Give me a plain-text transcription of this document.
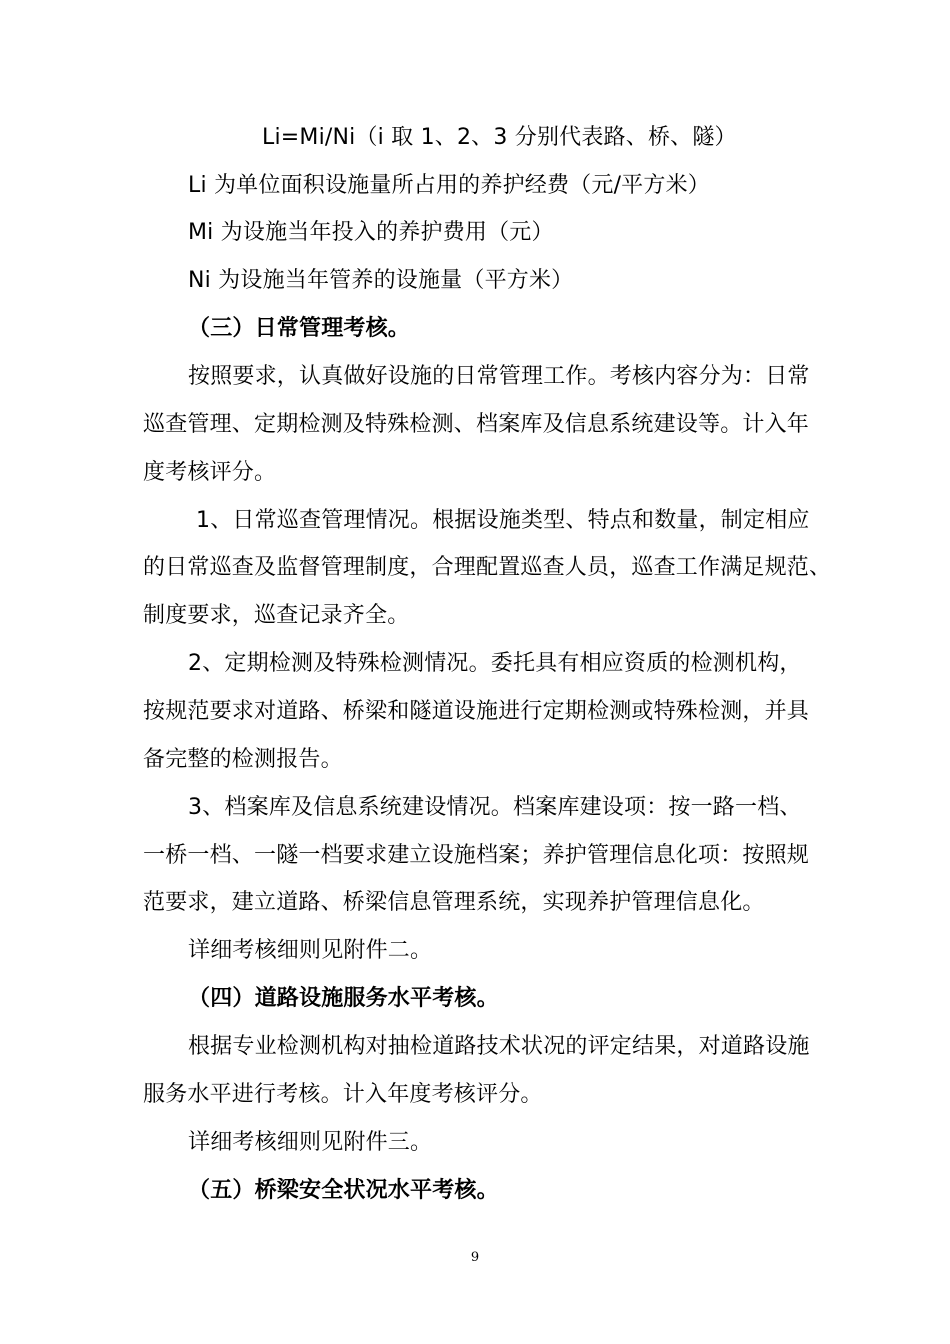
Li=Mi/Ni（i 取 1、2、3 分别代表路、桥、隧）
Li 为单位面积设施量所占用的养护经费（元/平方米）
Mi 为设施当年投入的养护费用（元）
Ni 为设施当年管养的设施量（平方米）
（三）日常管理考核。
按照要求，认真做好设施的日常管理工作。考核内容分为：日常
巡查管理、定期检测及特殊检测、档案库及信息系统建设等。计入年
度考核评分。
1、日常巡查管理情况。根据设施类型、特点和数量，制定相应
的日常巡查及监督管理制度，合理配置巡查人员，巡查工作满足规范、
制度要求，巡查记录齐全。
2、定期检测及特殊检测情况。委托具有相应资质的检测机构，
按规范要求对道路、桥梁和隧道设施进行定期检测或特殊检测，并具
备完整的检测报告。
3、档案库及信息系统建设情况。档案库建设项：按一路一档、
一桥一档、一隧一档要求建立设施档案；养护管理信息化项：按照规
范要求，建立道路、桥梁信息管理系统，实现养护管理信息化。
详细考核细则见附件二。
（四）道路设施服务水平考核。
根据专业检测机构对抽检道路技术状况的评定结果，对道路设施
服务水平进行考核。计入年度考核评分。
详细考核细则见附件三。
（五）桥梁安全状况水平考核。
9
